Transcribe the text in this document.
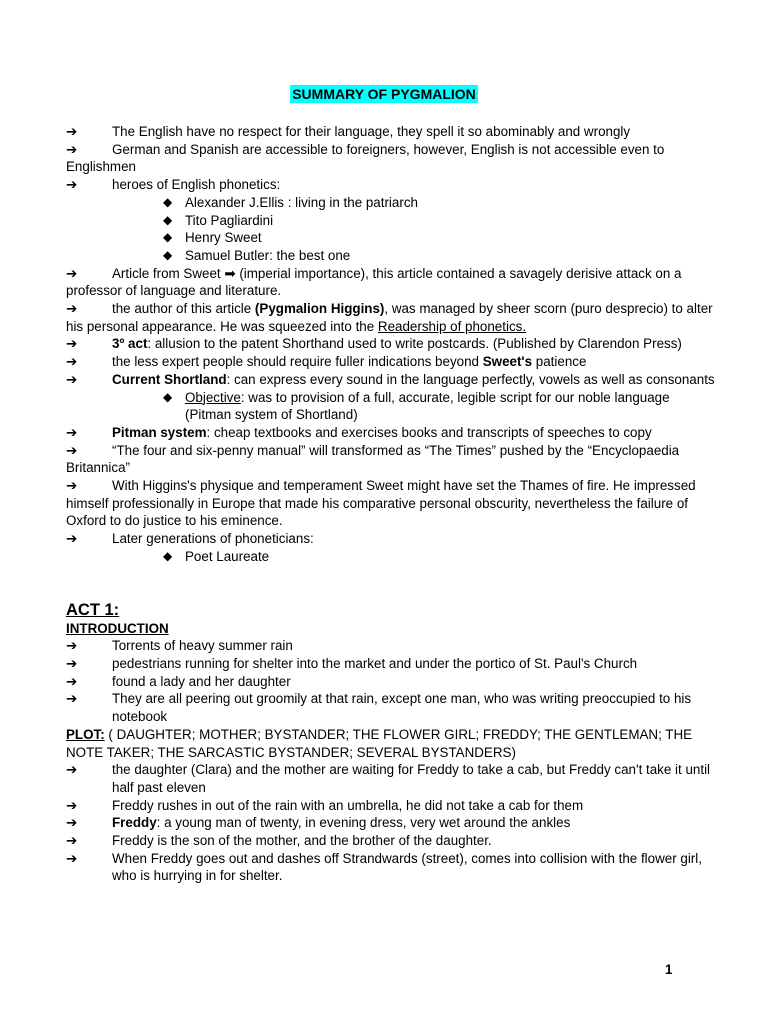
SUMMARY OF PYGMALION
➔	The English have no respect for their language, they spell it so abominably and wrongly
➔	German and Spanish are accessible to foreigners, however, English is not accessible even to Englishmen
➔	heroes of English phonetics:
◆ Alexander J.Ellis : living in the patriarch
◆ Tito Pagliardini
◆ Henry Sweet
◆ Samuel Butler: the best one
➔	Article from Sweet ➡ (imperial importance), this article contained a savagely derisive attack on a professor of language and literature.
➔	the author of this article (Pygmalion Higgins), was managed by sheer scorn (puro desprecio) to alter his personal appearance. He was squeezed into the Readership of phonetics.
➔	3º act: allusion to the patent Shorthand used to write postcards. (Published by Clarendon Press)
➔	the less expert people should require fuller indications beyond Sweet's patience
➔	Current Shortland: can express every sound in the language perfectly, vowels as well as consonants
◆ Objective: was to provision of a full, accurate, legible script for our noble language (Pitman system of Shortland)
➔	Pitman system: cheap textbooks and exercises books and transcripts of speeches to copy
➔	“The four and six-penny manual” will transformed as “The Times” pushed by the “Encyclopaedia Britannica”
➔	With Higgins's physique and temperament Sweet might have set the Thames of fire. He impressed himself professionally in Europe that made his comparative personal obscurity, nevertheless the failure of Oxford to do justice to his eminence.
➔	Later generations of phoneticians:
◆ Poet Laureate
ACT 1:
INTRODUCTION
➔	Torrents of heavy summer rain
➔	pedestrians running for shelter into the market and under the portico of St. Paul's Church
➔	found a lady and her daughter
➔	They are all peering out groomily at that rain, except one man, who was writing preoccupied to his notebook
PLOT: ( DAUGHTER; MOTHER; BYSTANDER; THE FLOWER GIRL; FREDDY; THE GENTLEMAN; THE NOTE TAKER; THE SARCASTIC BYSTANDER; SEVERAL BYSTANDERS)
➔	the daughter (Clara) and the mother are waiting for Freddy to take a cab, but Freddy can't take it until half past eleven
➔	Freddy rushes in out of the rain with an umbrella, he did not take a cab for them
➔	Freddy: a young man of twenty, in evening dress, very wet around the ankles
➔	Freddy is the son of the mother, and the brother of the daughter.
➔	When Freddy goes out and dashes off Strandwards (street), comes into collision with the flower girl, who is hurrying in for shelter.
1
